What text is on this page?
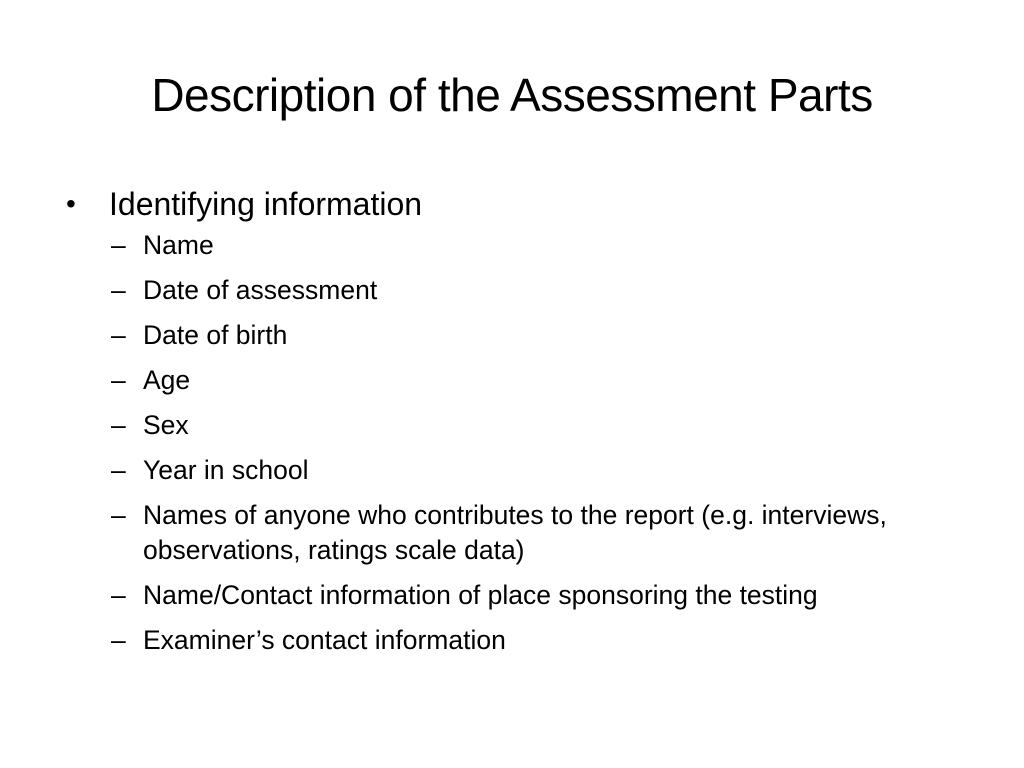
Description of the Assessment Parts
•	Identifying information
– Name
– Date of assessment
– Date of birth
– Age
– Sex
– Year in school
– Names of anyone who contributes to the report (e.g. interviews, observations, ratings scale data)
– Name/Contact information of place sponsoring the testing
– Examiner’s contact information
